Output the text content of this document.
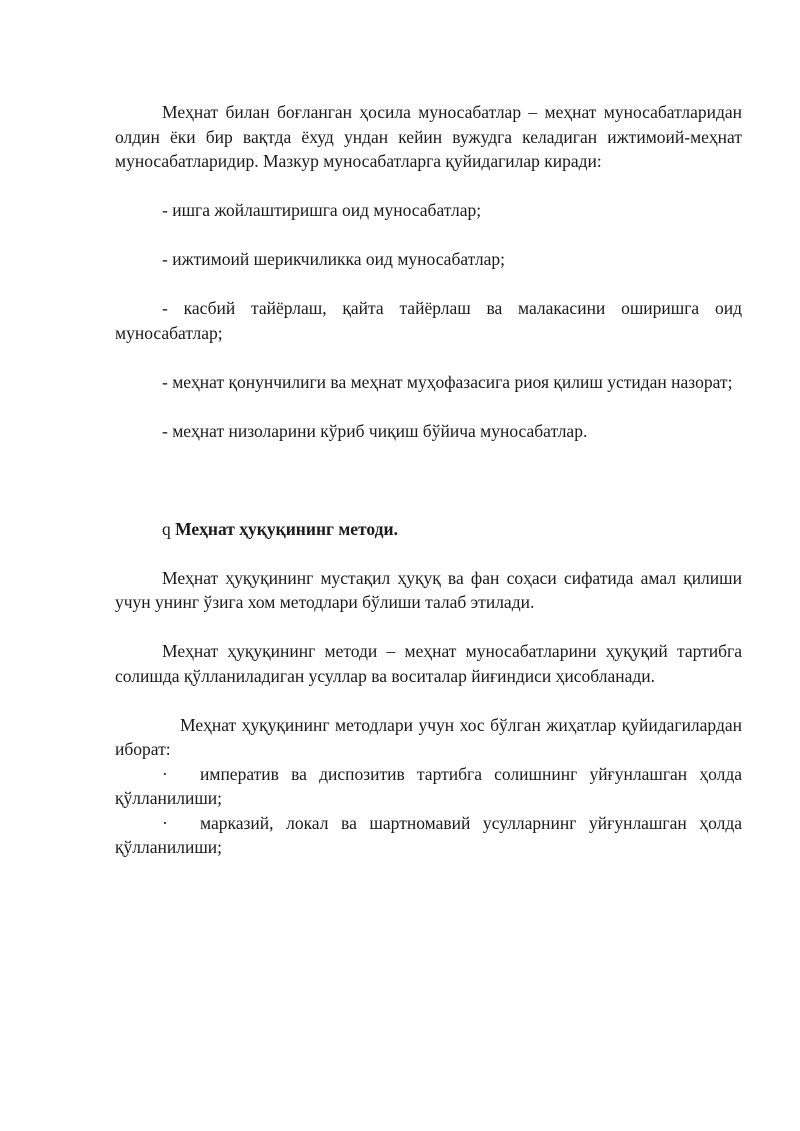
Меҳнат билан боғланган ҳосила муносабатлар – меҳнат муносабатларидан олдин ёки бир вақтда ёхуд ундан кейин вужудга келадиган ижтимоий-меҳнат муносабатларидир. Мазкур муносабатларга қуйидагилар киради:

- ишга жойлаштиришга оид муносабатлар;

- ижтимоий шерикчиликка оид муносабатлар;

- касбий тайёрлаш, қайта тайёрлаш ва малакасини оширишга оид муносабатлар;

- меҳнат қонунчилиги ва меҳнат муҳофазасига риоя қилиш устидан назорат;

- меҳнат низоларини кўриб чиқиш бўйича муносабатлар.

q Меҳнат ҳуқуқининг методи.

Меҳнат ҳуқуқининг мустақил ҳуқуқ ва фан соҳаси сифатида амал қилиши учун унинг ўзига хом методлари бўлиши талаб этилади.

Меҳнат ҳуқуқининг методи – меҳнат муносабатларини ҳуқуқий тартибга солишда қўлланиладиган усуллар ва воситалар йиғиндиси ҳисобланади.

Меҳнат ҳуқуқининг методлари учун хос бўлган жиҳатлар қуйидагилардан иборат:

· императив ва диспозитив тартибга солишнинг уйғунлашган ҳолда қўлланилиши;

· марказий, локал ва шартномавий усулларнинг уйғунлашган ҳолда қўлланилиши;
